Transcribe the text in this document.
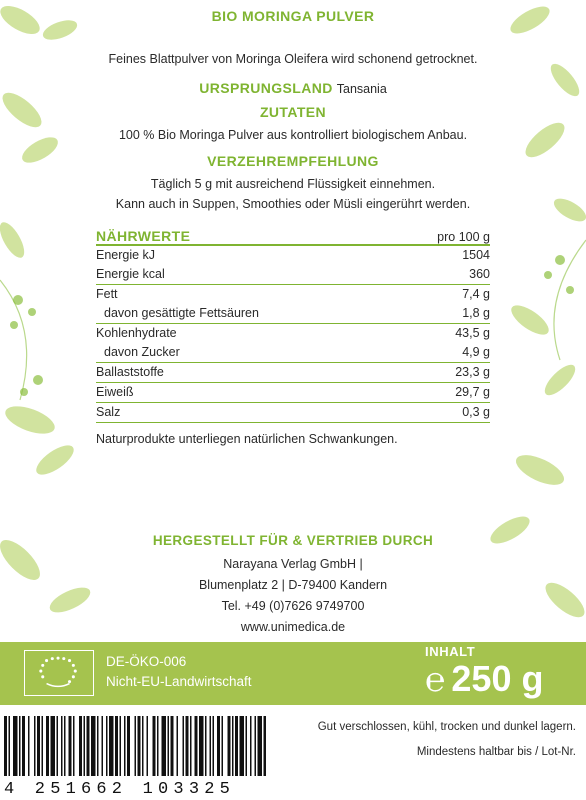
BIO MORINGA PULVER
Feines Blattpulver von Moringa Oleifera wird schonend getrocknet.
URSPRUNGSLAND Tansania
ZUTATEN
100 % Bio Moringa Pulver aus kontrolliert biologischem Anbau.
VERZEHREMPFEHLUNG
Täglich 5 g mit ausreichend Flüssigkeit einnehmen.
Kann auch in Suppen, Smoothies oder Müsli eingerührt werden.
NÄHRWERTE	pro 100 g
Energie kJ	1504
Energie kcal	360
Fett	7,4 g
davon gesättigte Fettsäuren	1,8 g
Kohlenhydrate	43,5 g
davon Zucker	4,9 g
Ballaststoffe	23,3 g
Eiweiß	29,7 g
Salz	0,3 g
Naturprodukte unterliegen natürlichen Schwankungen.
HERGESTELLT FÜR & VERTRIEB DURCH
Narayana Verlag GmbH |
Blumenplatz 2 | D-79400 Kandern
Tel. +49 (0)7626 9749700
www.unimedica.de
DE-ÖKO-006
Nicht-EU-Landwirtschaft
INHALT
℮ 250 g
4 251662 103325
Gut verschlossen, kühl, trocken und dunkel lagern.
Mindestens haltbar bis / Lot-Nr.
